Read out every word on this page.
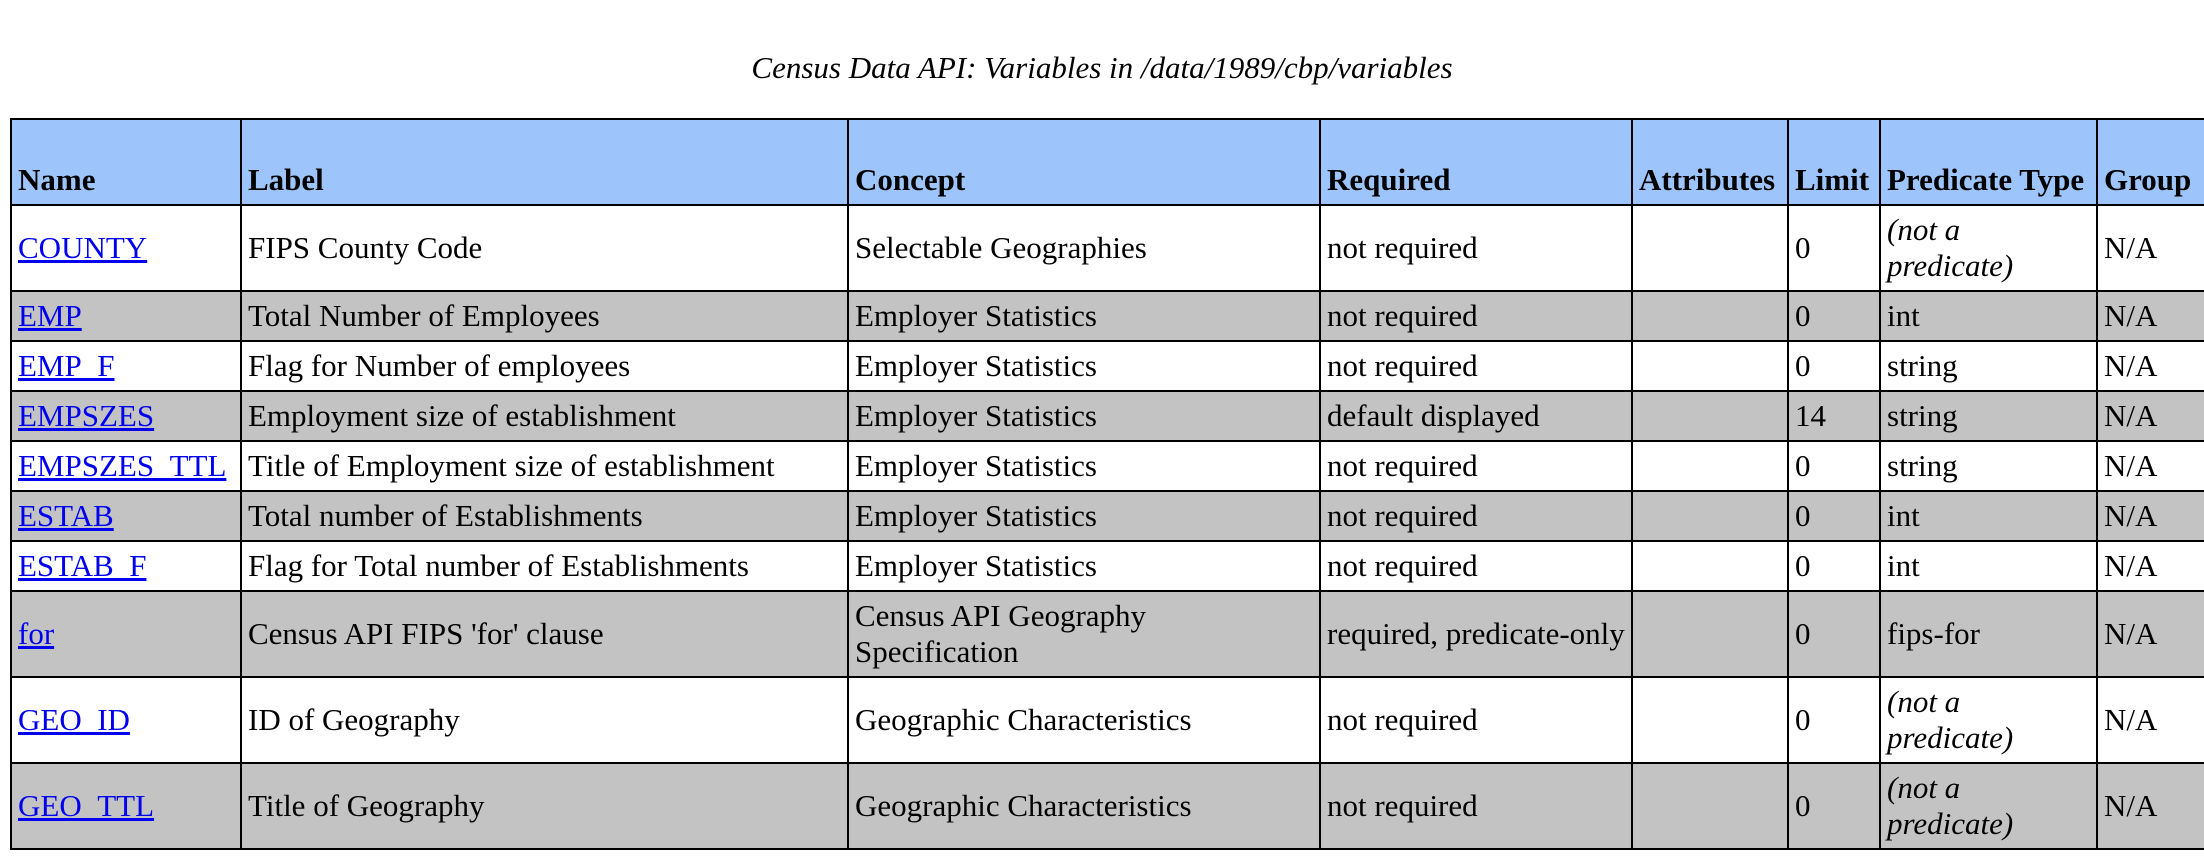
Census Data API: Variables in /data/1989/cbp/variables
Name	Label	Concept	Required	Attributes	Limit	Predicate Type	Group
COUNTY	FIPS County Code	Selectable Geographies	not required		0	(not a predicate)	N/A
EMP	Total Number of Employees	Employer Statistics	not required		0	int	N/A
EMP_F	Flag for Number of employees	Employer Statistics	not required		0	string	N/A
EMPSZES	Employment size of establishment	Employer Statistics	default displayed		14	string	N/A
EMPSZES_TTL	Title of Employment size of establishment	Employer Statistics	not required		0	string	N/A
ESTAB	Total number of Establishments	Employer Statistics	not required		0	int	N/A
ESTAB_F	Flag for Total number of Establishments	Employer Statistics	not required		0	int	N/A
for	Census API FIPS 'for' clause	Census API Geography Specification	required, predicate-only		0	fips-for	N/A
GEO_ID	ID of Geography	Geographic Characteristics	not required		0	(not a predicate)	N/A
GEO_TTL	Title of Geography	Geographic Characteristics	not required		0	(not a predicate)	N/A
